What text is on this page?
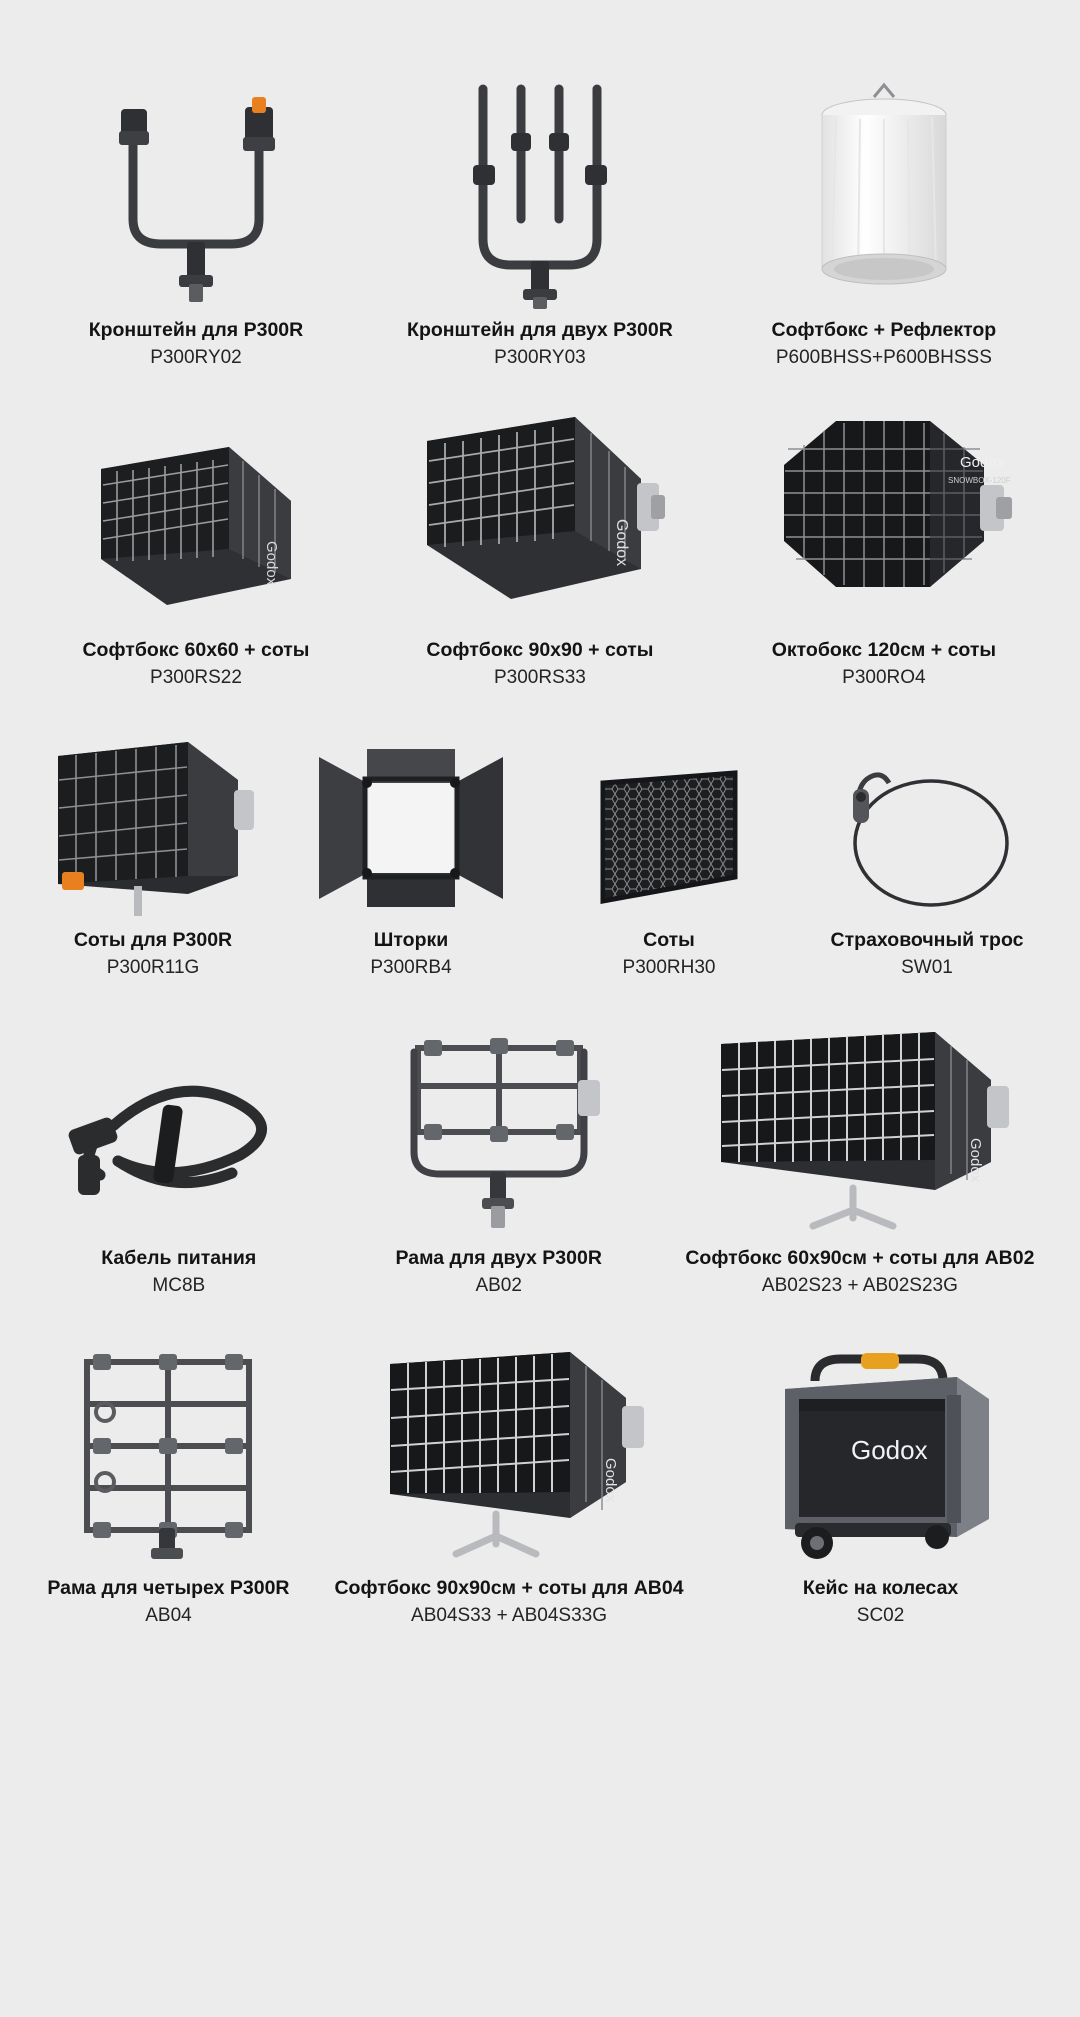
Кронштейн для P300R
P300RY02
Кронштейн для двух P300R
P300RY03
Софтбокс + Рефлектор
P600BHSS+P600BHSSS
Godox
Софтбокс 60x60 + соты
P300RS22
Godox
Софтбокс 90x90 + соты
P300RS33
Godox
SNOWBOX-120F
Октобокс 120см + соты
P300RO4
Соты для P300R
P300R11G
Шторки
P300RB4
Соты
P300RH30
Страховочный трос
SW01
Кабель питания
MC8B
Рама для двух P300R
AB02
Godox
Софтбокс 60x90см + соты для AB02
AB02S23 + AB02S23G
Рама для четырех P300R
AB04
Godox
Софтбокс 90x90см + соты для AB04
AB04S33 + AB04S33G
Godox
Кейс на колесах
SC02
